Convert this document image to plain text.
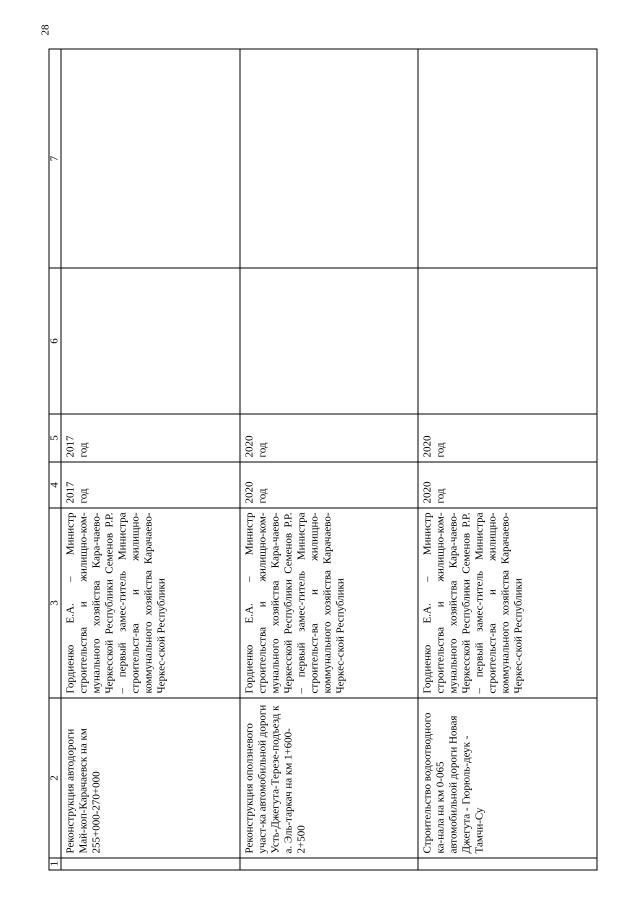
28
1	2	3	4	5	6	7
	Реконструкция автодороги Май-коп-Карачаевск на км 255+000-270+000	Гордиенко Е.А. – Министр строительства и жилищно-ком-мунального хозяйства Кара-чаево-Черкесской Республики Семенов Р.Р. – первый замес-титель Министра строительст-ва и жилищно-коммунального хозяйства Карачаево-Черкес-ской Республики	2017 год	2017 год		
	Реконструкция оползневого участ-ка автомобильной дороги Усть-Джегута-Терезе-подъезд к а. Эль-таркач на км 1+600-2+500	Гордиенко Е.А. – Министр строительства и жилищно-ком-мунального хозяйства Кара-чаево-Черкесской Республики Семенов Р.Р. – первый замес-титель Министра строительст-ва и жилищно-коммунального хозяйства Карачаево-Черкес-ской Республики	2020 год	2020 год		
	Строительство водоотводного ка-нала на км 0-065 автомобильной дороги Новая Джегута - Гюрюль-деук - Тамчи-Су	Гордиенко Е.А. – Министр строительства и жилищно-ком-мунального хозяйства Кара-чаево-Черкесской Республики Семенов Р.Р. – первый замес-титель Министра строительст-ва и жилищно-коммунального хозяйства Карачаево-Черкес-ской Республики	2020 год	2020 год		
